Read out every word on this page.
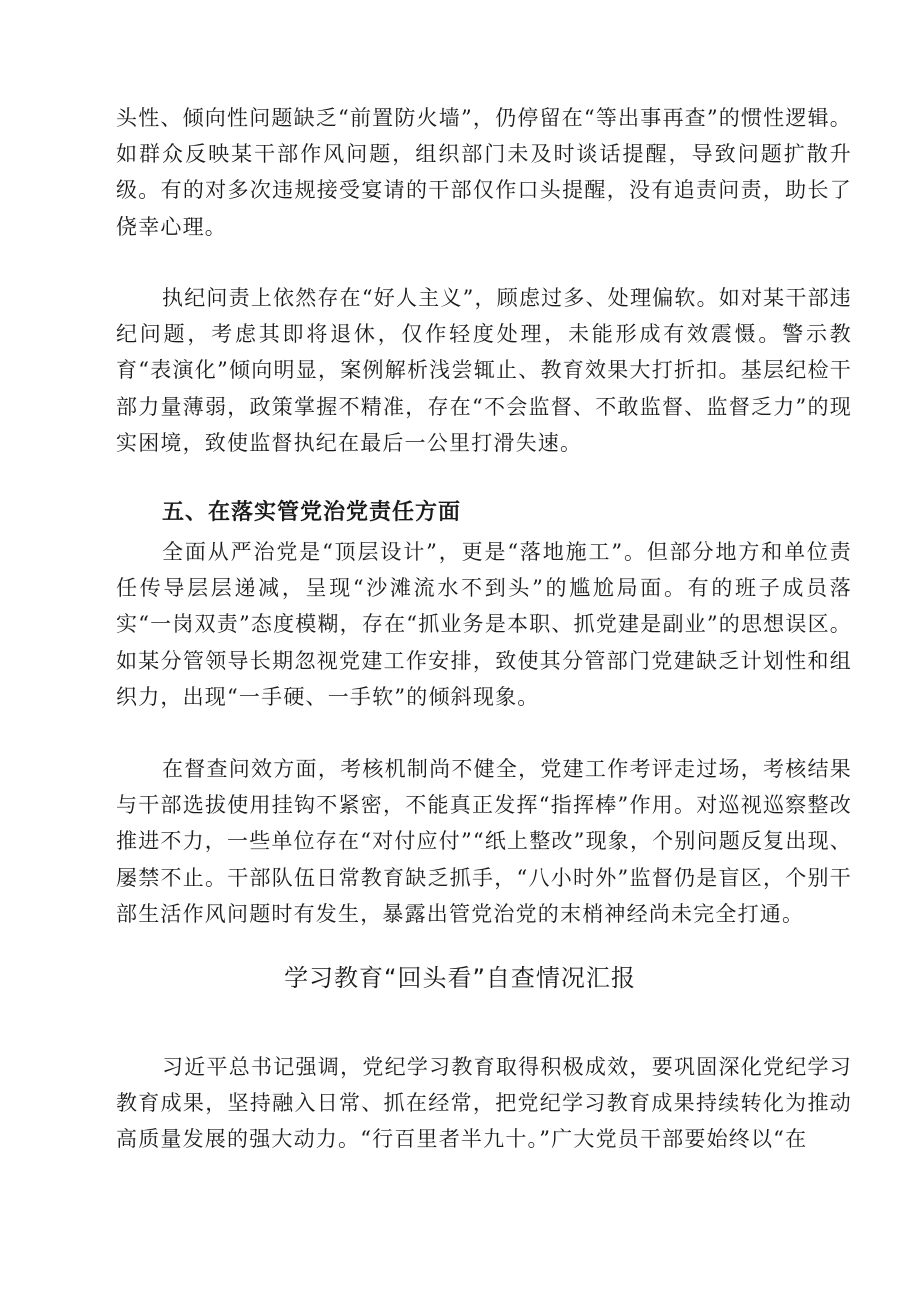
头性、倾向性问题缺乏“前置防火墙”，仍停留在“等出事再查”的惯性逻辑。如群众反映某干部作风问题，组织部门未及时谈话提醒，导致问题扩散升级。有的对多次违规接受宴请的干部仅作口头提醒，没有追责问责，助长了侥幸心理。

执纪问责上依然存在“好人主义”，顾虑过多、处理偏软。如对某干部违纪问题，考虑其即将退休，仅作轻度处理，未能形成有效震慑。警示教育“表演化”倾向明显，案例解析浅尝辄止、教育效果大打折扣。基层纪检干部力量薄弱，政策掌握不精准，存在“不会监督、不敢监督、监督乏力”的现实困境，致使监督执纪在最后一公里打滑失速。

五、在落实管党治党责任方面

全面从严治党是“顶层设计”，更是“落地施工”。但部分地方和单位责任传导层层递减，呈现“沙滩流水不到头”的尴尬局面。有的班子成员落实“一岗双责”态度模糊，存在“抓业务是本职、抓党建是副业”的思想误区。如某分管领导长期忽视党建工作安排，致使其分管部门党建缺乏计划性和组织力，出现“一手硬、一手软”的倾斜现象。

在督查问效方面，考核机制尚不健全，党建工作考评走过场，考核结果与干部选拔使用挂钩不紧密，不能真正发挥“指挥棒”作用。对巡视巡察整改推进不力，一些单位存在“对付应付”“纸上整改”现象，个别问题反复出现、屡禁不止。干部队伍日常教育缺乏抓手，“八小时外”监督仍是盲区，个别干部生活作风问题时有发生，暴露出管党治党的末梢神经尚未完全打通。

学习教育“回头看”自查情况汇报

习近平总书记强调，党纪学习教育取得积极成效，要巩固深化党纪学习教育成果，坚持融入日常、抓在经常，把党纪学习教育成果持续转化为推动高质量发展的强大动力。“行百里者半九十。”广大党员干部要始终以“在
